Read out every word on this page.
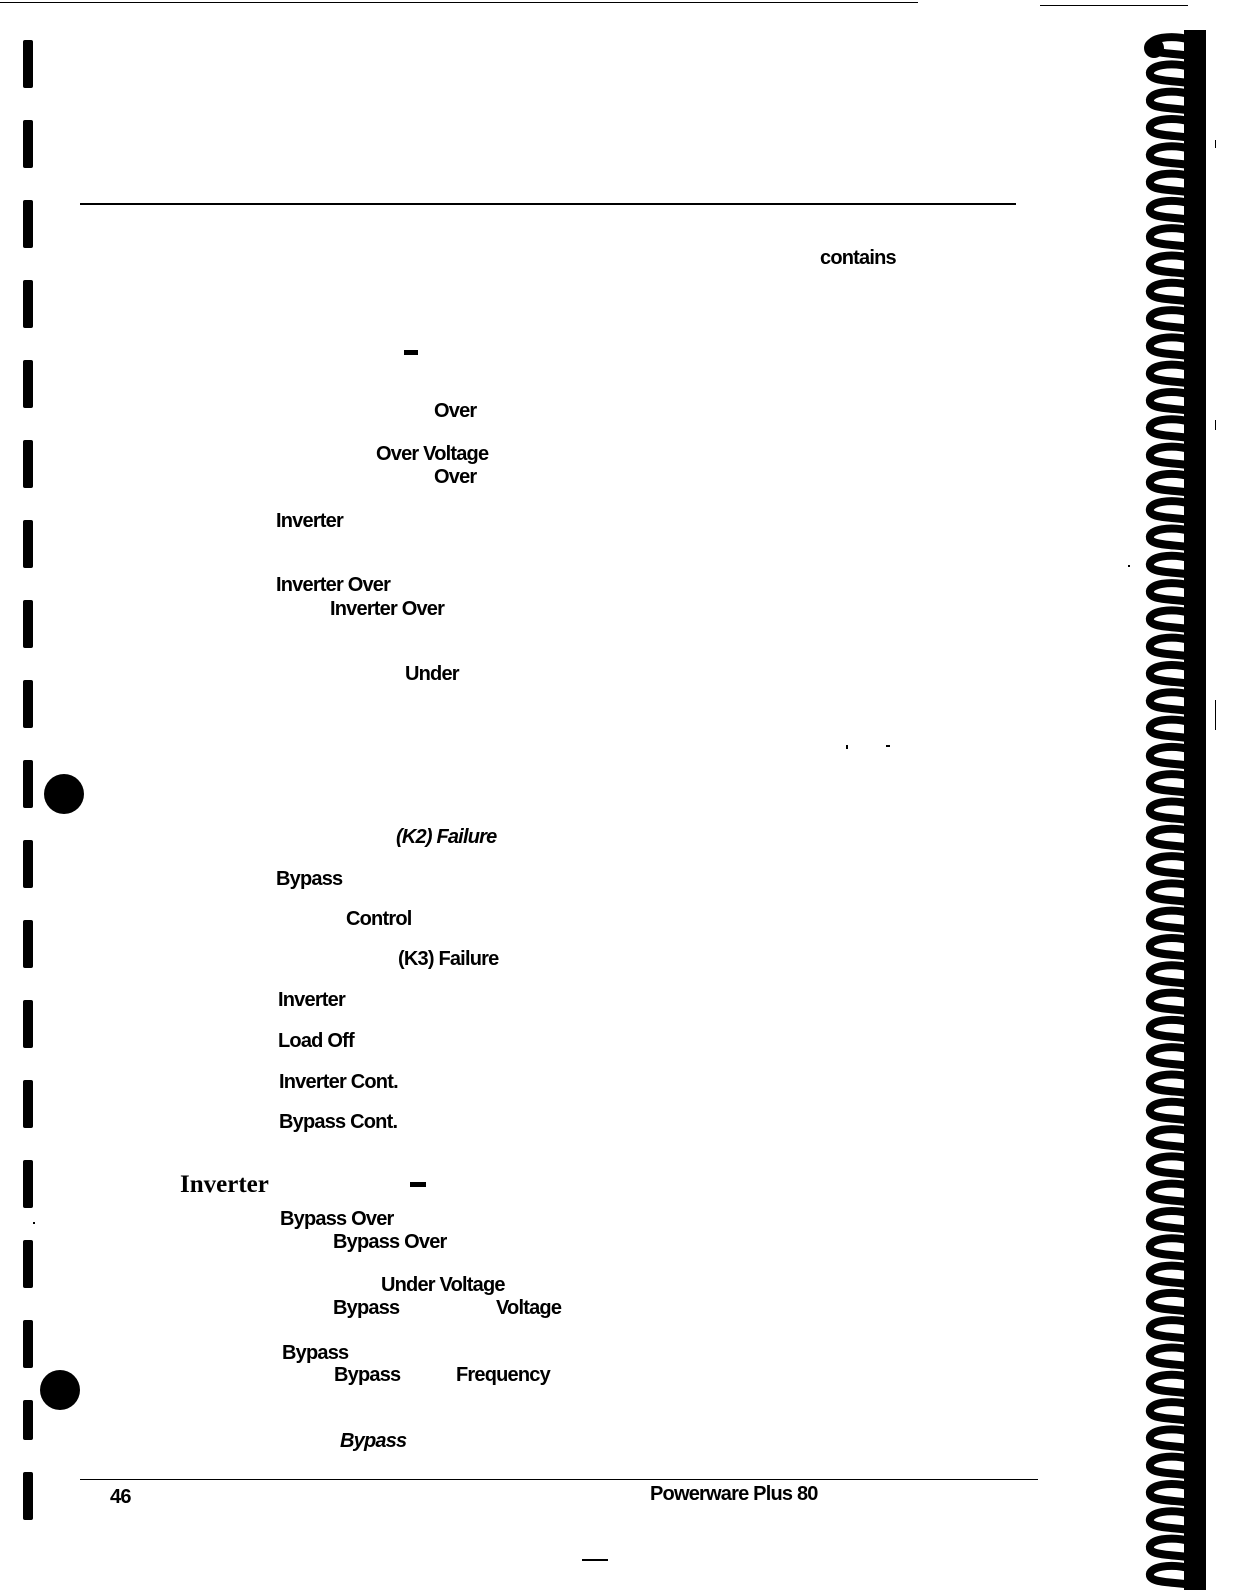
contains
Over
Over Voltage
Over
Inverter
Inverter Over
Inverter Over
Under
(K2) Failure
Bypass
Control
(K3) Failure
Inverter
Load Off
Inverter Cont.
Bypass Cont.
Inverter
Bypass Over
Bypass Over
Under Voltage
Bypass	Voltage
Bypass
Bypass	Frequency
Bypass
46	Powerware Plus 80
